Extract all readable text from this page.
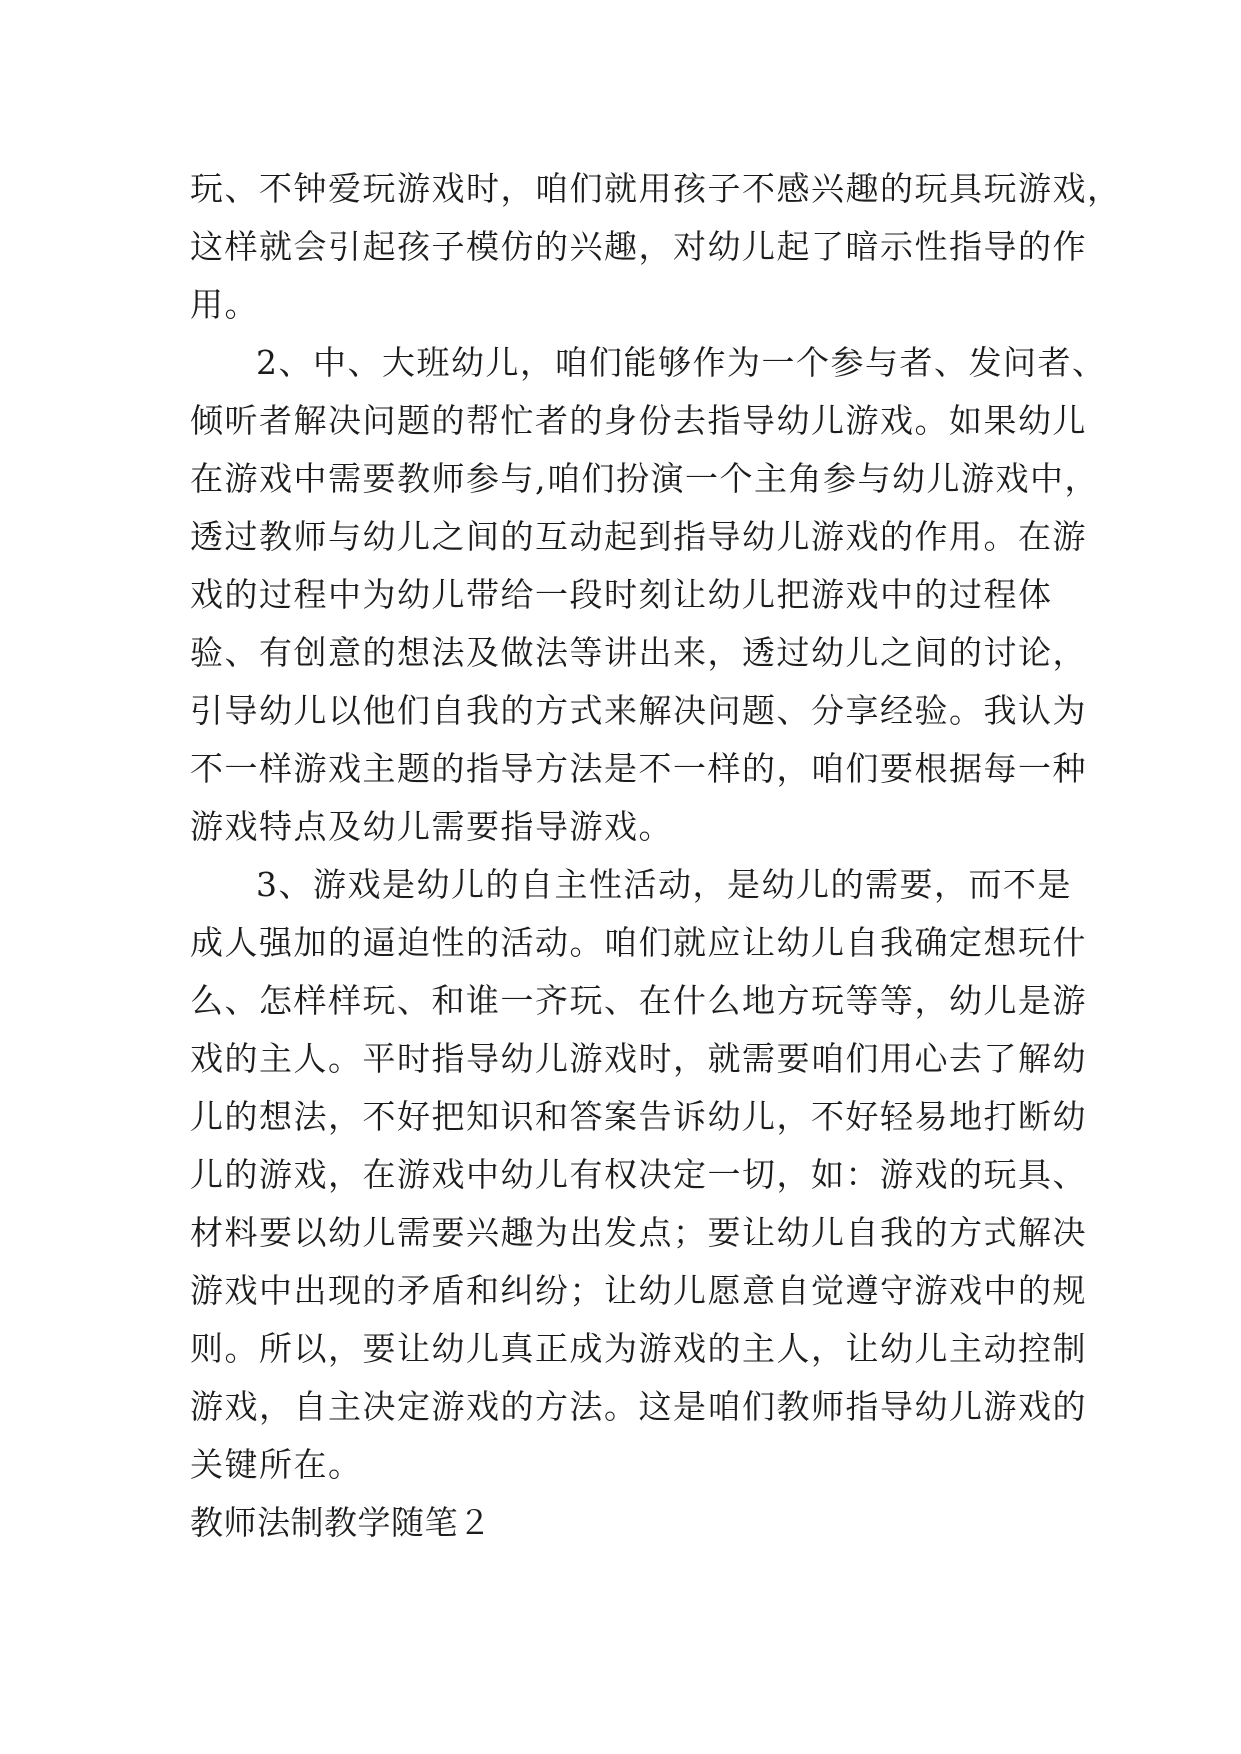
玩、不钟爱玩游戏时，咱们就用孩子不感兴趣的玩具玩游戏，
这样就会引起孩子模仿的兴趣，对幼儿起了暗示性指导的作
用。
2、中、大班幼儿，咱们能够作为一个参与者、发问者、
倾听者解决问题的帮忙者的身份去指导幼儿游戏。如果幼儿
在游戏中需要教师参与,咱们扮演一个主角参与幼儿游戏中，
透过教师与幼儿之间的互动起到指导幼儿游戏的作用。在游
戏的过程中为幼儿带给一段时刻让幼儿把游戏中的过程体
验、有创意的想法及做法等讲出来，透过幼儿之间的讨论，
引导幼儿以他们自我的方式来解决问题、分享经验。我认为
不一样游戏主题的指导方法是不一样的，咱们要根据每一种
游戏特点及幼儿需要指导游戏。
3、游戏是幼儿的自主性活动，是幼儿的需要，而不是
成人强加的逼迫性的活动。咱们就应让幼儿自我确定想玩什
么、怎样样玩、和谁一齐玩、在什么地方玩等等，幼儿是游
戏的主人。平时指导幼儿游戏时，就需要咱们用心去了解幼
儿的想法，不好把知识和答案告诉幼儿，不好轻易地打断幼
儿的游戏，在游戏中幼儿有权决定一切，如：游戏的玩具、
材料要以幼儿需要兴趣为出发点；要让幼儿自我的方式解决
游戏中出现的矛盾和纠纷；让幼儿愿意自觉遵守游戏中的规
则。所以，要让幼儿真正成为游戏的主人，让幼儿主动控制
游戏，自主决定游戏的方法。这是咱们教师指导幼儿游戏的
关键所在。
教师法制教学随笔２
